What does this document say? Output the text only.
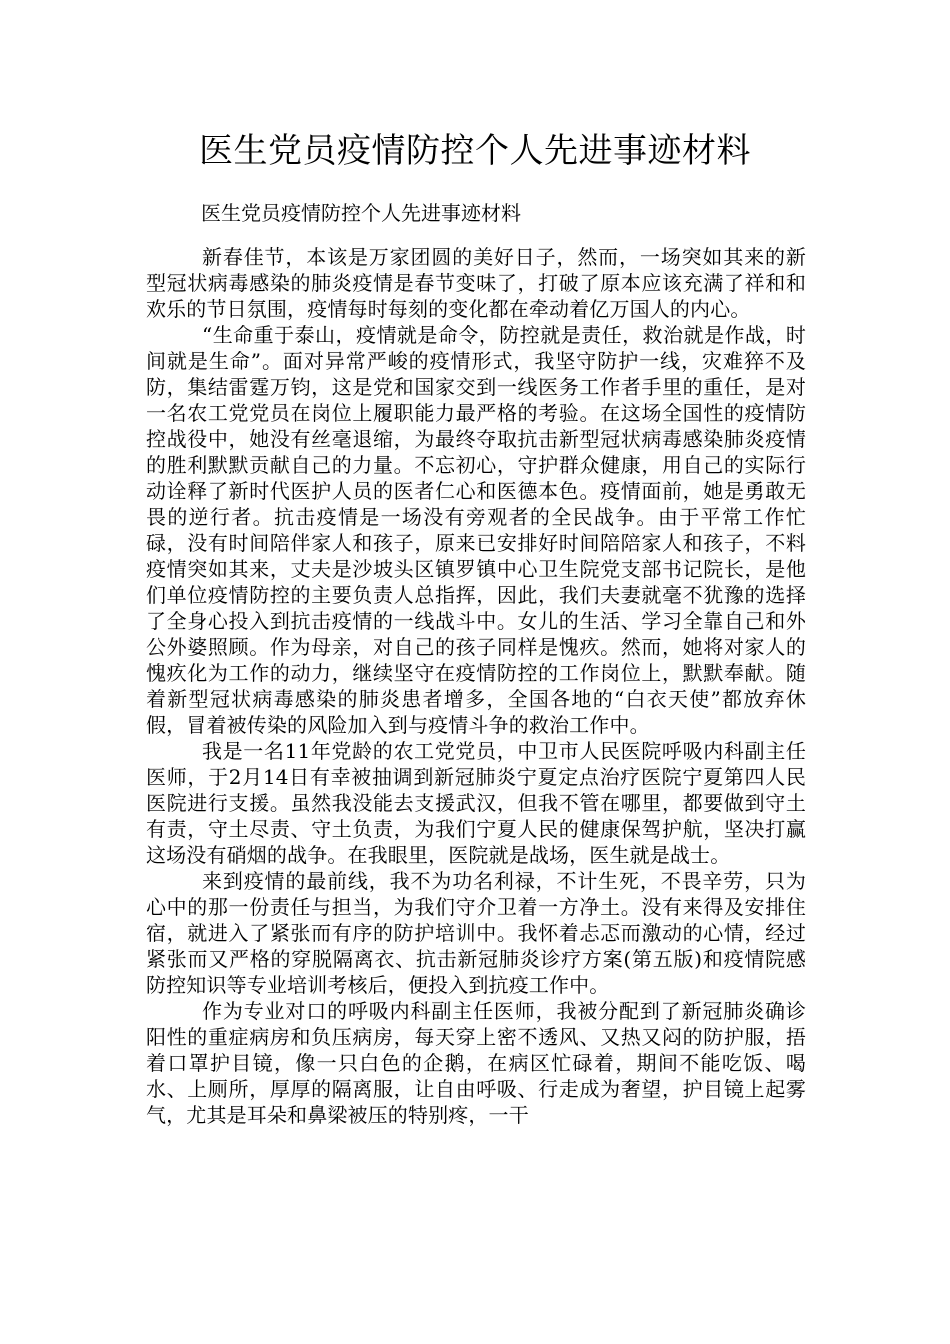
医生党员疫情防控个人先进事迹材料
医生党员疫情防控个人先进事迹材料

新春佳节，本该是万家团圆的美好日子，然而，一场突如其来的新型冠状病毒感染的肺炎疫情是春节变味了，打破了原本应该充满了祥和和欢乐的节日氛围，疫情每时每刻的变化都在牵动着亿万国人的内心。

“生命重于泰山，疫情就是命令，防控就是责任，救治就是作战，时间就是生命”。面对异常严峻的疫情形式，我坚守防护一线，灾难猝不及防，集结雷霆万钧，这是党和国家交到一线医务工作者手里的重任，是对一名农工党党员在岗位上履职能力最严格的考验。在这场全国性的疫情防控战役中，她没有丝毫退缩，为最终夺取抗击新型冠状病毒感染肺炎疫情的胜利默默贡献自己的力量。不忘初心，守护群众健康，用自己的实际行动诠释了新时代医护人员的医者仁心和医德本色。疫情面前，她是勇敢无畏的逆行者。抗击疫情是一场没有旁观者的全民战争。由于平常工作忙碌，没有时间陪伴家人和孩子，原来已安排好时间陪陪家人和孩子，不料疫情突如其来，丈夫是沙坡头区镇罗镇中心卫生院党支部书记院长，是他们单位疫情防控的主要负责人总指挥，因此，我们夫妻就毫不犹豫的选择了全身心投入到抗击疫情的一线战斗中。女儿的生活、学习全靠自己和外公外婆照顾。作为母亲，对自己的孩子同样是愧疚。然而，她将对家人的愧疚化为工作的动力，继续坚守在疫情防控的工作岗位上，默默奉献。随着新型冠状病毒感染的肺炎患者增多，全国各地的“白衣天使”都放弃休假，冒着被传染的风险加入到与疫情斗争的救治工作中。

我是一名11年党龄的农工党党员，中卫市人民医院呼吸内科副主任医师，于2月14日有幸被抽调到新冠肺炎宁夏定点治疗医院宁夏第四人民医院进行支援。虽然我没能去支援武汉，但我不管在哪里，都要做到守土有责，守土尽责、守土负责，为我们宁夏人民的健康保驾护航，坚决打赢这场没有硝烟的战争。在我眼里，医院就是战场，医生就是战士。

来到疫情的最前线，我不为功名利禄，不计生死，不畏辛劳，只为心中的那一份责任与担当，为我们守介卫着一方净土。没有来得及安排住宿，就进入了紧张而有序的防护培训中。我怀着忐忑而激动的心情，经过紧张而又严格的穿脱隔离衣、抗击新冠肺炎诊疗方案(第五版)和疫情院感防控知识等专业培训考核后，便投入到抗疫工作中。

作为专业对口的呼吸内科副主任医师，我被分配到了新冠肺炎确诊阳性的重症病房和负压病房，每天穿上密不透风、又热又闷的防护服，捂着口罩护目镜，像一只白色的企鹅，在病区忙碌着，期间不能吃饭、喝水、上厕所，厚厚的隔离服，让自由呼吸、行走成为奢望，护目镜上起雾气，尤其是耳朵和鼻梁被压的特别疼，一干
